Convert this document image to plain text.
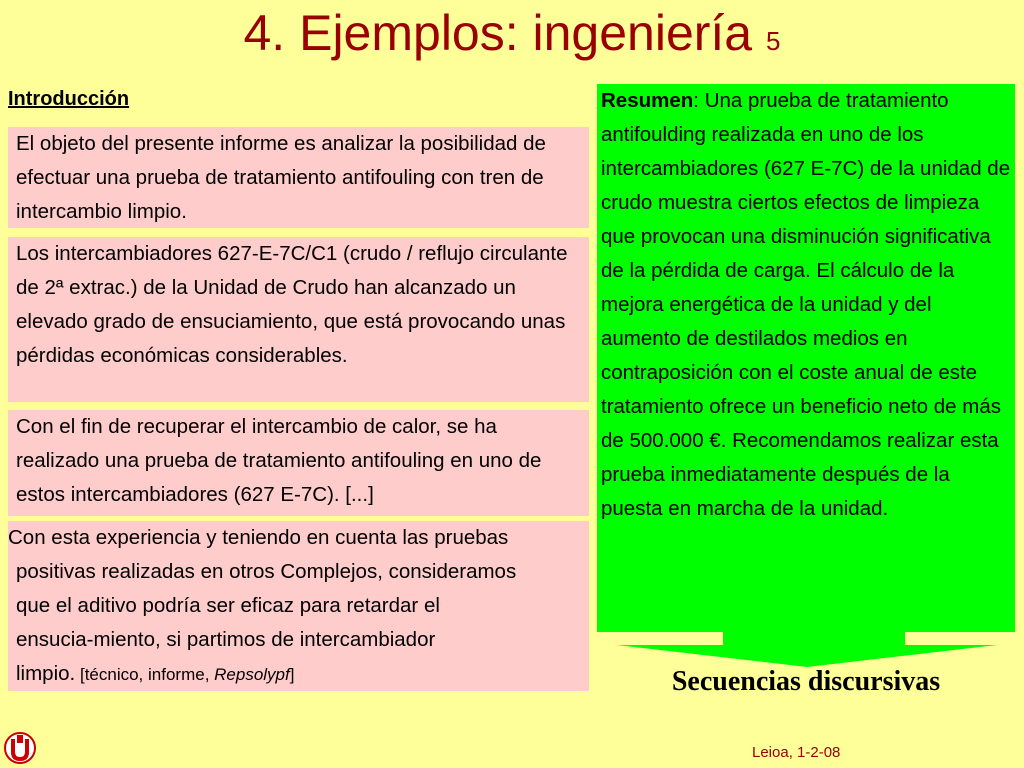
4. Ejemplos: ingeniería 5
Introducción
El objeto del presente informe es analizar la posibilidad de efectuar una prueba de tratamiento antifouling con tren de intercambio limpio.
Los intercambiadores 627-E-7C/C1 (crudo / reflujo circulante de 2ª extrac.) de la Unidad de Crudo han alcanzado un elevado grado de ensuciamiento, que está provocando unas pérdidas económicas considerables.
Con el fin de recuperar el intercambio de calor, se ha realizado una prueba de tratamiento antifouling en uno de estos intercambiadores (627 E-7C). [...]
Con esta experiencia y teniendo en cuenta las pruebas
positivas realizadas en otros Complejos, consideramos
que el aditivo podría ser eficaz para retardar el
ensucia-miento, si partimos de intercambiador
limpio. [técnico, informe, Repsolypf]
Resumen: Una prueba de tratamiento antifoulding realizada en uno de los intercambiadores (627 E-7C) de la unidad de crudo muestra ciertos efectos de limpieza que provocan una disminución significativa de la pérdida de carga. El cálculo de la mejora energética de la unidad y del aumento de destilados medios en contraposición con el coste anual de este tratamiento ofrece un beneficio neto de más de 500.000 €. Recomendamos realizar esta prueba inmediatamente después de la puesta en marcha de la unidad.
Secuencias discursivas
Leioa, 1-2-08
